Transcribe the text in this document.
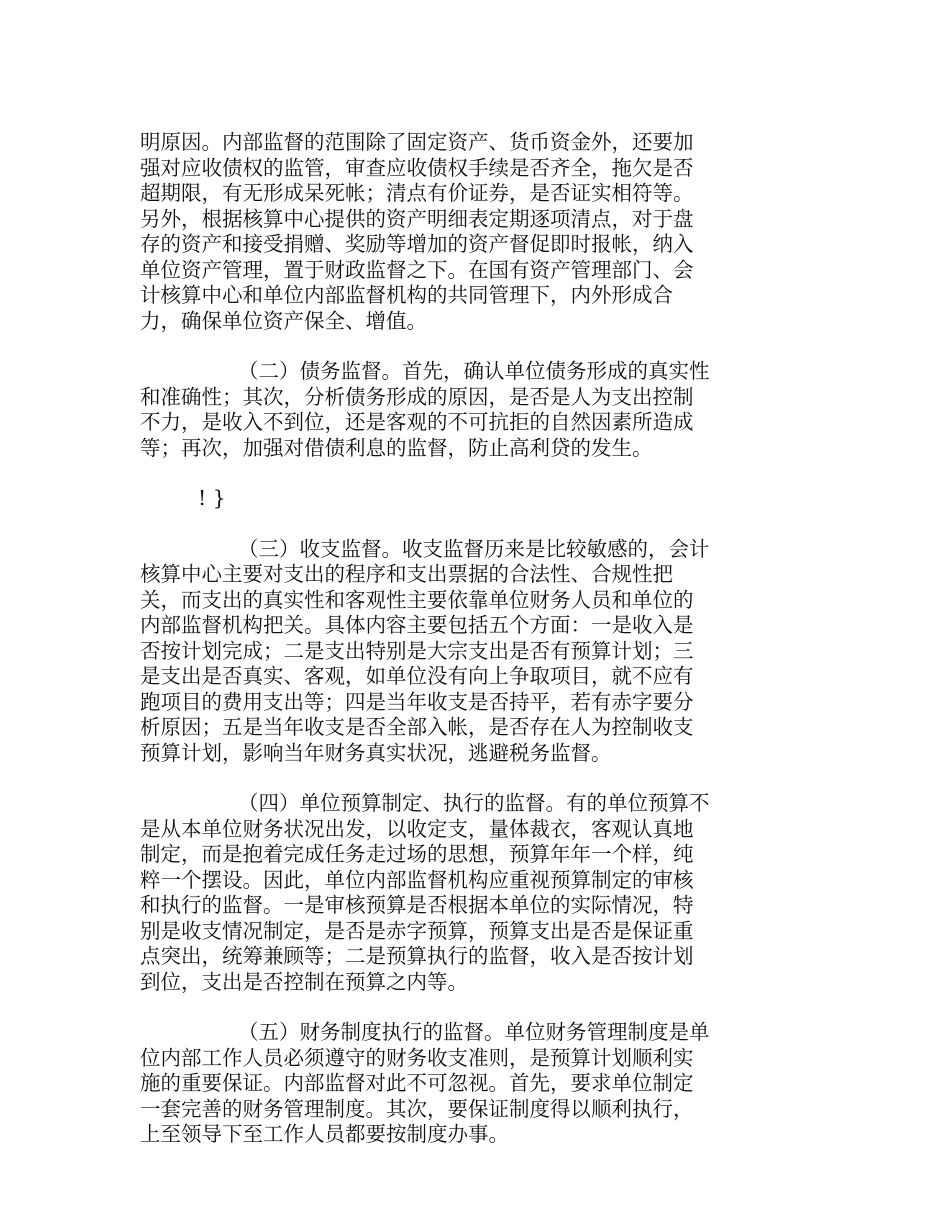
明原因。内部监督的范围除了固定资产、货币资金外，还要加
强对应收债权的监管，审查应收债权手续是否齐全，拖欠是否
超期限，有无形成呆死帐；清点有价证券，是否证实相符等。
另外，根据核算中心提供的资产明细表定期逐项清点，对于盘
存的资产和接受捐赠、奖励等增加的资产督促即时报帐，纳入
单位资产管理，置于财政监督之下。在国有资产管理部门、会
计核算中心和单位内部监督机构的共同管理下，内外形成合
力，确保单位资产保全、增值。
（二）债务监督。首先，确认单位债务形成的真实性
和准确性；其次，分析债务形成的原因，是否是人为支出控制
不力，是收入不到位，还是客观的不可抗拒的自然因素所造成
等；再次，加强对借债利息的监督，防止高利贷的发生。
! }
（三）收支监督。收支监督历来是比较敏感的，会计
核算中心主要对支出的程序和支出票据的合法性、合规性把
关，而支出的真实性和客观性主要依靠单位财务人员和单位的
内部监督机构把关。具体内容主要包括五个方面：一是收入是
否按计划完成；二是支出特别是大宗支出是否有预算计划；三
是支出是否真实、客观，如单位没有向上争取项目，就不应有
跑项目的费用支出等；四是当年收支是否持平，若有赤字要分
析原因；五是当年收支是否全部入帐，是否存在人为控制收支
预算计划，影响当年财务真实状况，逃避税务监督。
（四）单位预算制定、执行的监督。有的单位预算不
是从本单位财务状况出发，以收定支，量体裁衣，客观认真地
制定，而是抱着完成任务走过场的思想，预算年年一个样，纯
粹一个摆设。因此，单位内部监督机构应重视预算制定的审核
和执行的监督。一是审核预算是否根据本单位的实际情况，特
别是收支情况制定，是否是赤字预算，预算支出是否是保证重
点突出，统筹兼顾等；二是预算执行的监督，收入是否按计划
到位，支出是否控制在预算之内等。
（五）财务制度执行的监督。单位财务管理制度是单
位内部工作人员必须遵守的财务收支准则，是预算计划顺利实
施的重要保证。内部监督对此不可忽视。首先，要求单位制定
一套完善的财务管理制度。其次，要保证制度得以顺利执行，
上至领导下至工作人员都要按制度办事。
